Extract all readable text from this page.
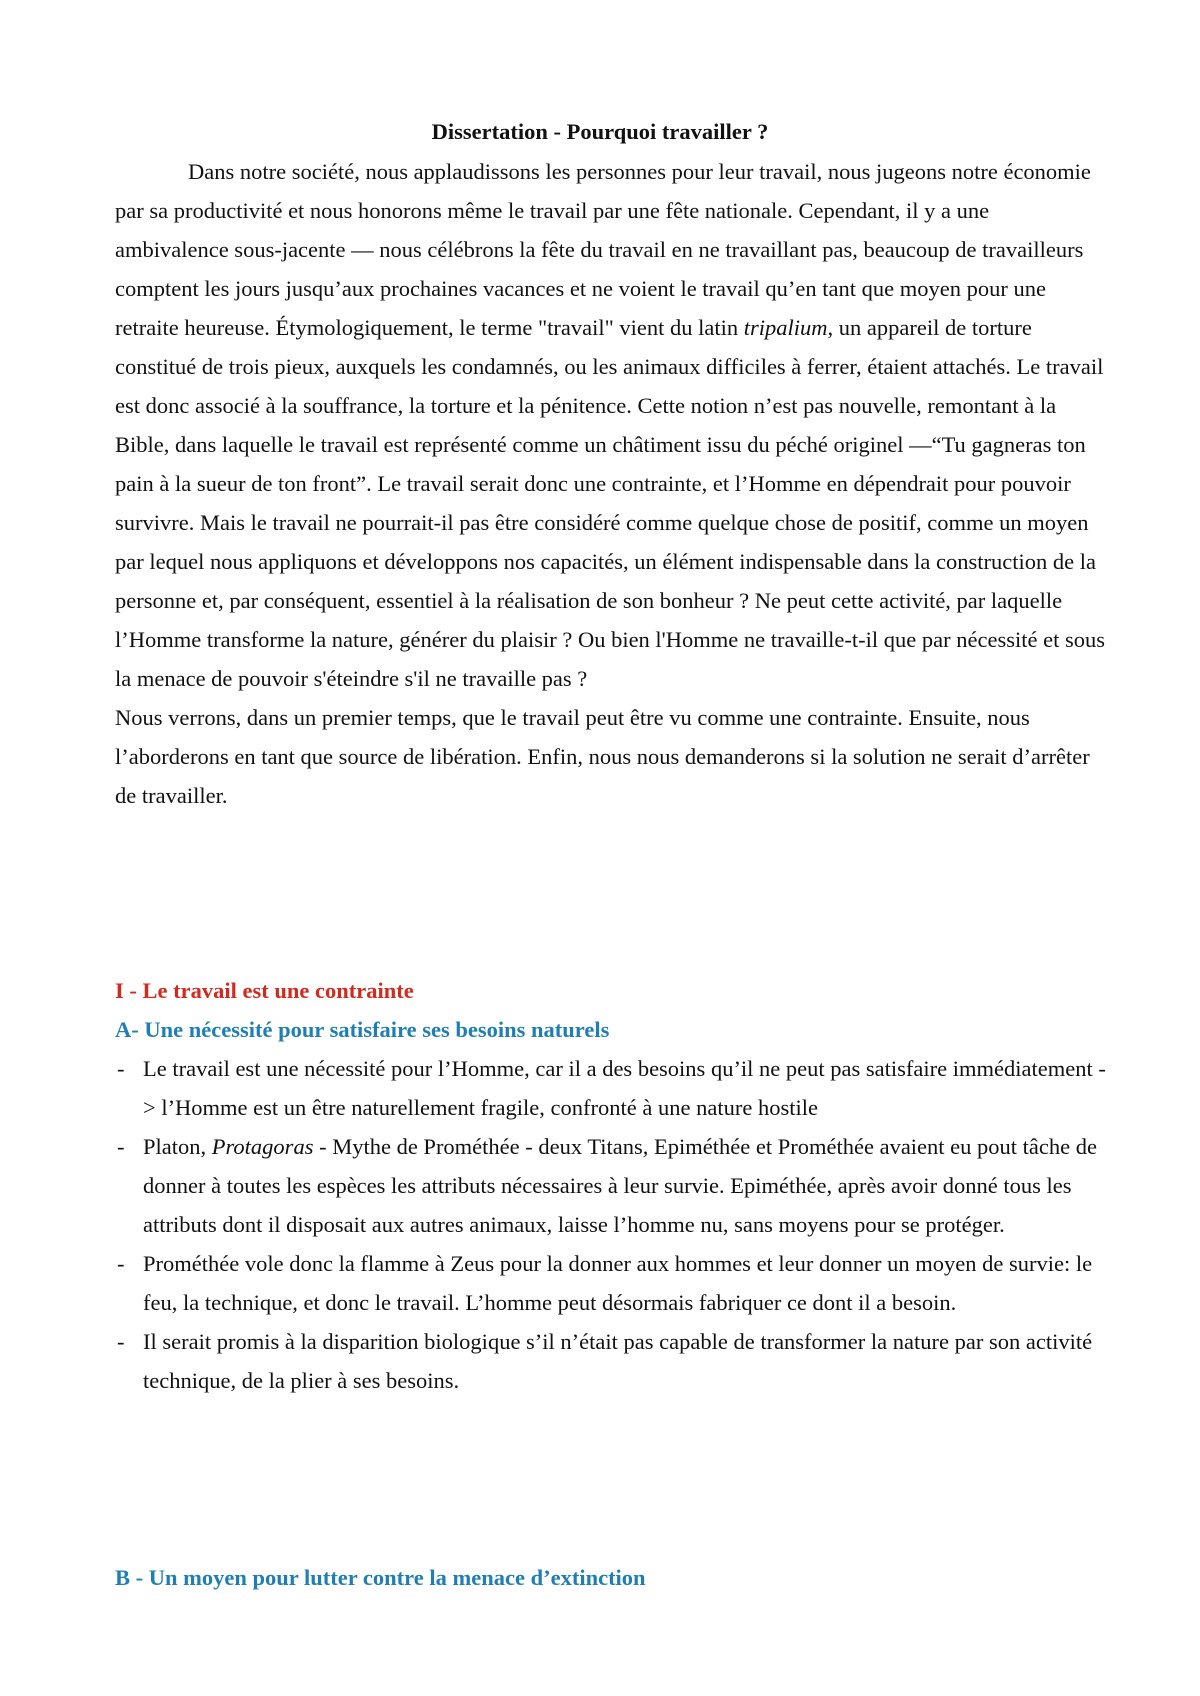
Dissertation - Pourquoi travailler ?

Dans notre société, nous applaudissons les personnes pour leur travail, nous jugeons notre économie par sa productivité et nous honorons même le travail par une fête nationale. Cependant, il y a une ambivalence sous-jacente — nous célébrons la fête du travail en ne travaillant pas, beaucoup de travailleurs comptent les jours jusqu’aux prochaines vacances et ne voient le travail qu’en tant que moyen pour une retraite heureuse. Étymologiquement, le terme "travail" vient du latin tripalium, un appareil de torture constitué de trois pieux, auxquels les condamnés, ou les animaux difficiles à ferrer, étaient attachés. Le travail est donc associé à la souffrance, la torture et la pénitence. Cette notion n’est pas nouvelle, remontant à la Bible, dans laquelle le travail est représenté comme un châtiment issu du péché originel —“Tu gagneras ton pain à la sueur de ton front”. Le travail serait donc une contrainte, et l’Homme en dépendrait pour pouvoir survivre. Mais le travail ne pourrait-il pas être considéré comme quelque chose de positif, comme un moyen par lequel nous appliquons et développons nos capacités, un élément indispensable dans la construction de la personne et, par conséquent, essentiel à la réalisation de son bonheur ? Ne peut cette activité, par laquelle l’Homme transforme la nature, générer du plaisir ? Ou bien l'Homme ne travaille-t-il que par nécessité et sous la menace de pouvoir s'éteindre s'il ne travaille pas ?

Nous verrons, dans un premier temps, que le travail peut être vu comme une contrainte. Ensuite, nous l’aborderons en tant que source de libération. Enfin, nous nous demanderons si la solution ne serait d’arrêter de travailler.

I - Le travail est une contrainte
A- Une nécessité pour satisfaire ses besoins naturels
- Le travail est une nécessité pour l’Homme, car il a des besoins qu’il ne peut pas satisfaire immédiatement -> l’Homme est un être naturellement fragile, confronté à une nature hostile
- Platon, Protagoras - Mythe de Prométhée - deux Titans, Epiméthée et Prométhée avaient eu pout tâche de donner à toutes les espèces les attributs nécessaires à leur survie. Epiméthée, après avoir donné tous les attributs dont il disposait aux autres animaux, laisse l’homme nu, sans moyens pour se protéger.
- Prométhée vole donc la flamme à Zeus pour la donner aux hommes et leur donner un moyen de survie: le feu, la technique, et donc le travail. L’homme peut désormais fabriquer ce dont il a besoin.
- Il serait promis à la disparition biologique s’il n’était pas capable de transformer la nature par son activité technique, de la plier à ses besoins.
B - Un moyen pour lutter contre la menace d’extinction
